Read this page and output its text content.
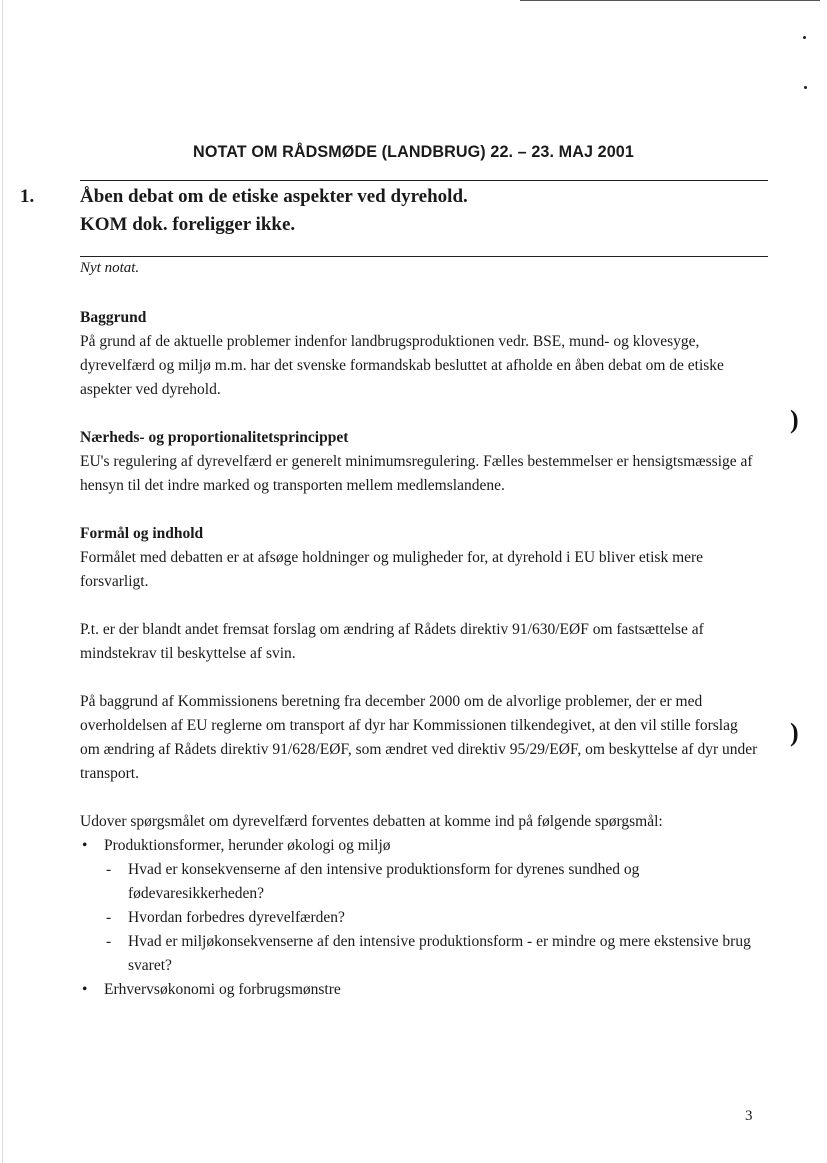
NOTAT OM RÅDSMØDE (LANDBRUG) 22. – 23. MAJ 2001
1. Åben debat om de etiske aspekter ved dyrehold.
KOM dok. foreligger ikke.
Nyt notat.
Baggrund

På grund af de aktuelle problemer indenfor landbrugsproduktionen vedr. BSE, mund- og klovesyge, dyrevelfærd og miljø m.m. har det svenske formandskab besluttet at afholde en åben debat om de etiske aspekter ved dyrehold.

Nærheds- og proportionalitetsprincippet

EU's regulering af dyrevelfærd er generelt minimumsregulering. Fælles bestemmelser er hensigtsmæssige af hensyn til det indre marked og transporten mellem medlemslandene.

Formål og indhold

Formålet med debatten er at afsøge holdninger og muligheder for, at dyrehold i EU bliver etisk mere forsvarligt.

P.t. er der blandt andet fremsat forslag om ændring af Rådets direktiv 91/630/EØF om fastsættelse af mindstekrav til beskyttelse af svin.

På baggrund af Kommissionens beretning fra december 2000 om de alvorlige problemer, der er med overholdelsen af EU reglerne om transport af dyr har Kommissionen tilkendegivet, at den vil stille forslag om ændring af Rådets direktiv 91/628/EØF, som ændret ved direktiv 95/29/EØF, om beskyttelse af dyr under transport.

Udover spørgsmålet om dyrevelfærd forventes debatten at komme ind på følgende spørgsmål:

• Produktionsformer, herunder økologi og miljø
- Hvad er konsekvenserne af den intensive produktionsform for dyrenes sundhed og fødevaresikkerheden?
- Hvordan forbedres dyrevelfærden?
- Hvad er miljøkonsekvenserne af den intensive produktionsform - er mindre og mere ekstensive brug svaret?
• Erhvervsøkonomi og forbrugsmønstre
)
)
3
